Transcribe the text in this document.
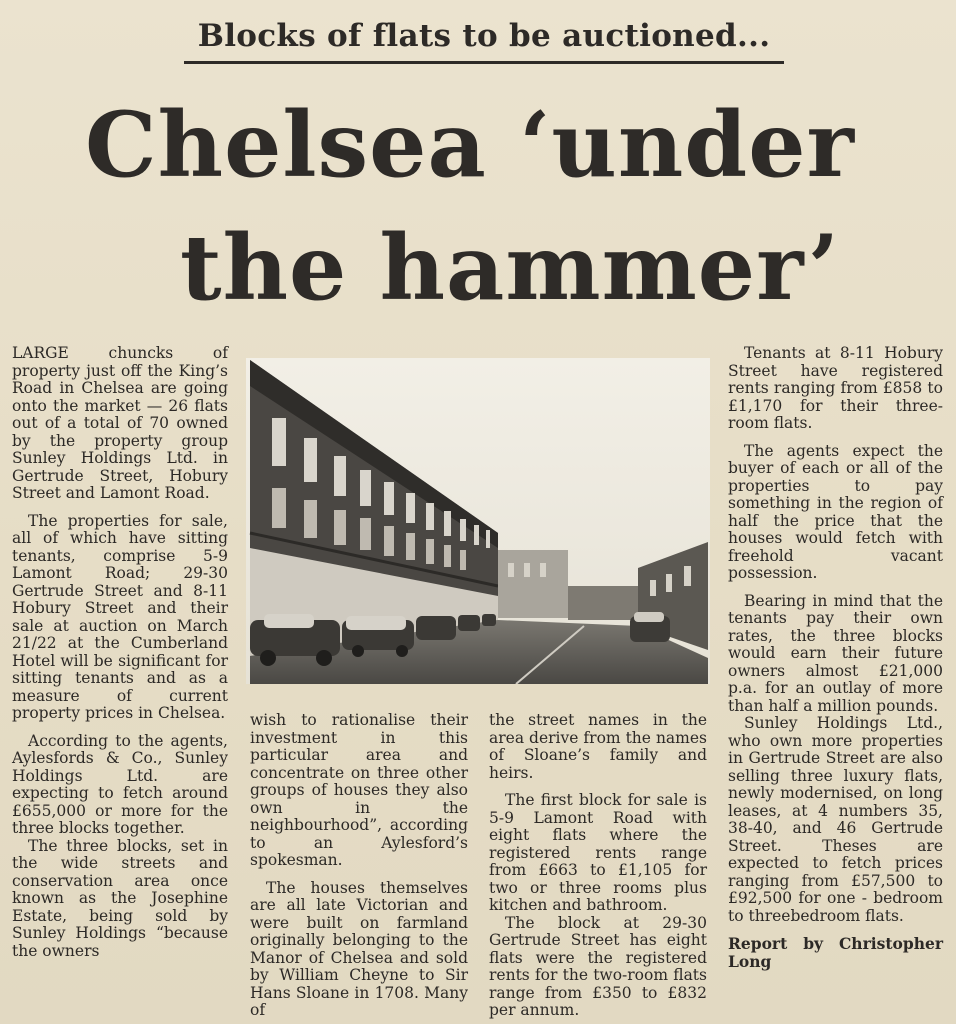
Blocks of flats to be auctioned...
Chelsea ‘under
the hammer’

LARGE chuncks of property just off the King’s Road in Chelsea are going onto the market — 26 flats out of a total of 70 owned by the property group Sunley Holdings Ltd. in Gertrude Street, Hobury Street and Lamont Road.

The properties for sale, all of which have sitting tenants, comprise 5-9 Lamont Road; 29-30 Gertrude Street and 8-11 Hobury Street and their sale at auction on March 21/22 at the Cumberland Hotel will be significant for sitting tenants and as a measure of current property prices in Chelsea.

According to the agents, Aylesfords & Co., Sunley Holdings Ltd. are expecting to fetch around £655,000 or more for the three blocks together.

The three blocks, set in the wide streets and conservation area once known as the Josephine Estate, being sold by Sunley Holdings “because the owners

wish to rationalise their investment in this particular area and concentrate on three other groups of houses they also own in the neighbourhood”, according to an Aylesford’s spokesman.

The houses themselves are all late Victorian and were built on farmland originally belonging to the Manor of Chelsea and sold by William Cheyne to Sir Hans Sloane in 1708. Many of

the street names in the area derive from the names of Sloane’s family and heirs.

The first block for sale is 5-9 Lamont Road with eight flats where the registered rents range from £663 to £1,105 for two or three rooms plus kitchen and bathroom.

The block at 29-30 Gertrude Street has eight flats were the registered rents for the two-room flats range from £350 to £832 per annum.

Tenants at 8-11 Hobury Street have registered rents ranging from £858 to £1,170 for their three-room flats.

The agents expect the buyer of each or all of the properties to pay something in the region of half the price that the houses would fetch with freehold vacant possession.

Bearing in mind that the tenants pay their own rates, the three blocks would earn their future owners almost £21,000 p.a. for an outlay of more than half a million pounds.

Sunley Holdings Ltd., who own more properties in Gertrude Street are also selling three luxury flats, newly modernised, on long leases, at 4 numbers 35, 38-40, and 46 Gertrude Street. Theses are expected to fetch prices ranging from £57,500 to £92,500 for one - bedroom to threebedroom flats.

Report by Christopher Long
